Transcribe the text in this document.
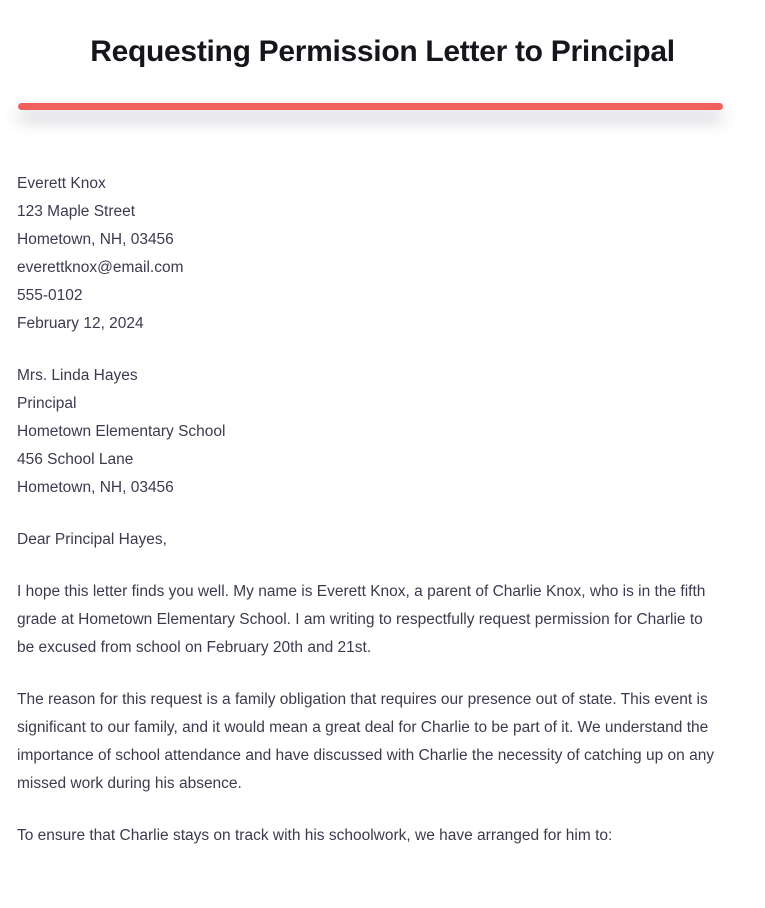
Requesting Permission Letter to Principal
Everett Knox
123 Maple Street
Hometown, NH, 03456
everettknox@email.com
555-0102
February 12, 2024
Mrs. Linda Hayes
Principal
Hometown Elementary School
456 School Lane
Hometown, NH, 03456

Dear Principal Hayes,

I hope this letter finds you well. My name is Everett Knox, a parent of Charlie Knox, who is in the fifth grade at Hometown Elementary School. I am writing to respectfully request permission for Charlie to be excused from school on February 20th and 21st.

The reason for this request is a family obligation that requires our presence out of state. This event is significant to our family, and it would mean a great deal for Charlie to be part of it. We understand the importance of school attendance and have discussed with Charlie the necessity of catching up on any missed work during his absence.

To ensure that Charlie stays on track with his schoolwork, we have arranged for him to:
